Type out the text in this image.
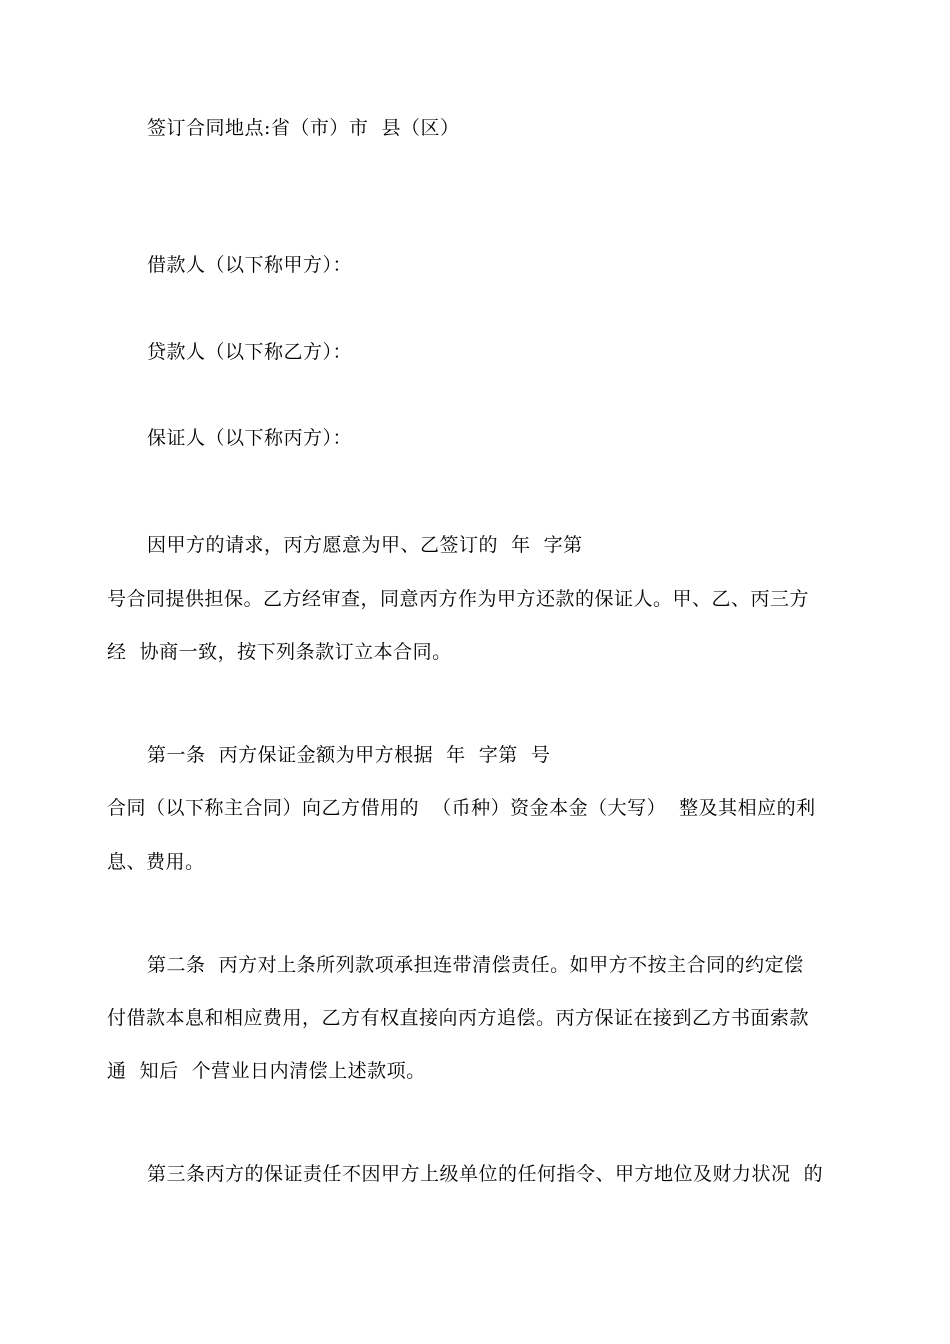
签订合同地点:省（市）市  县（区）
借款人（以下称甲方）：
贷款人（以下称乙方）：
保证人（以下称丙方）：
因甲方的请求，丙方愿意为甲、乙签订的  年  字第
号合同提供担保。乙方经审查，同意丙方作为甲方还款的保证人。甲、乙、丙三方
经  协商一致，按下列条款订立本合同。
第一条  丙方保证金额为甲方根据  年  字第  号
合同（以下称主合同）向乙方借用的  （币种）资金本金（大写）  整及其相应的利
息、费用。
第二条  丙方对上条所列款项承担连带清偿责任。如甲方不按主合同的约定偿
付借款本息和相应费用，乙方有权直接向丙方追偿。丙方保证在接到乙方书面索款
通  知后  个营业日内清偿上述款项。
第三条丙方的保证责任不因甲方上级单位的任何指令、甲方地位及财力状况  的
